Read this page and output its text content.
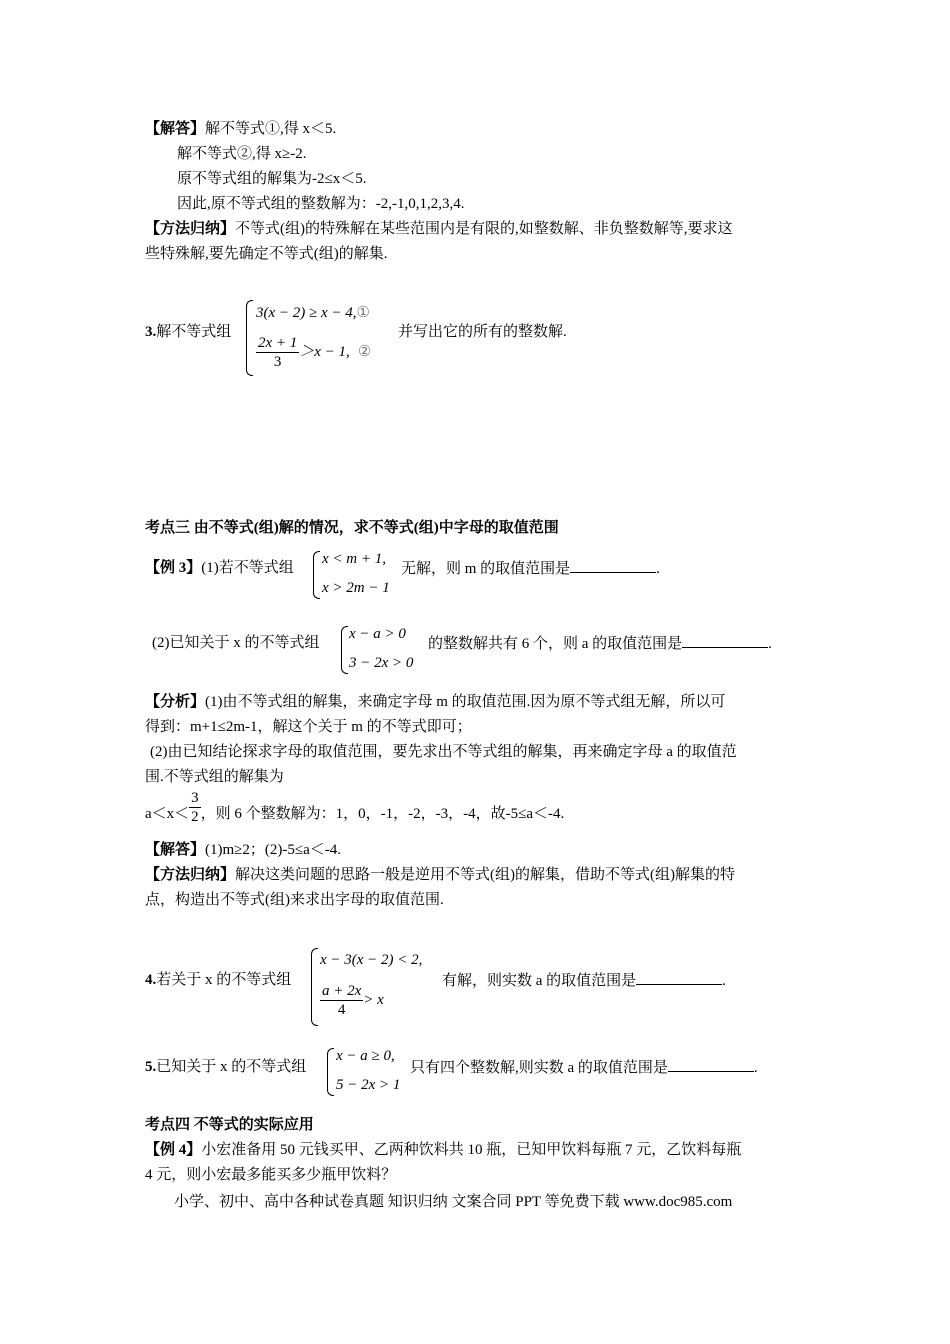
【解答】解不等式①,得 x＜5.
解不等式②,得 x≥-2.
原不等式组的解集为-2≤x＜5.
因此,原不等式组的整数解为：-2,-1,0,1,2,3,4.
【方法归纳】不等式(组)的特殊解在某些范围内是有限的,如整数解、非负整数解等,要求这
些特殊解,要先确定不等式(组)的解集.
3.解不等式组
3(x − 2) ≥ x − 4,①
$\frac{2x + 1}{3} >x - 1$, ②
并写出它的所有的整数解.
考点三 由不等式(组)解的情况，求不等式(组)中字母的取值范围
【例 3】(1)若不等式组
x < m + 1,
x > 2m − 1
无解，则 m 的取值范围是	.
(2)已知关于 x 的不等式组
x − a > 0
3 − 2x > 0
的整数解共有 6 个，则 a 的取值范围是	.
【分析】(1)由不等式组的解集，来确定字母 m 的取值范围.因为原不等式组无解，所以可
得到：m+1≤2m-1，解这个关于 m 的不等式即可；
(2)由已知结论探求字母的取值范围，要先求出不等式组的解集，再来确定字母 a 的取值范
围.不等式组的解集为
$a<x< \frac{3}{2}$ ，则 6 个整数解为：1，0，-1，-2，-3，-4，故-5≤a＜-4.
【解答】(1)m≥2；(2)-5≤a＜-4.
【方法归纳】解决这类问题的思路一般是逆用不等式(组)的解集，借助不等式(组)解集的特
点，构造出不等式(组)来求出字母的取值范围.
4.若关于 x 的不等式组
x − 3(x − 2) < 2,
$\frac{a + 2x}{4} > x$
有解，则实数 a 的取值范围是	.
5.已知关于 x 的不等式组
x − a ≥ 0,
5 − 2x > 1
只有四个整数解,则实数 a 的取值范围是	.
考点四 不等式的实际应用
【例 4】小宏准备用 50 元钱买甲、乙两种饮料共 10 瓶，已知甲饮料每瓶 7 元，乙饮料每瓶
4 元，则小宏最多能买多少瓶甲饮料？
小学、初中、高中各种试卷真题 知识归纳 文案合同 PPT 等免费下载 www.doc985.com
